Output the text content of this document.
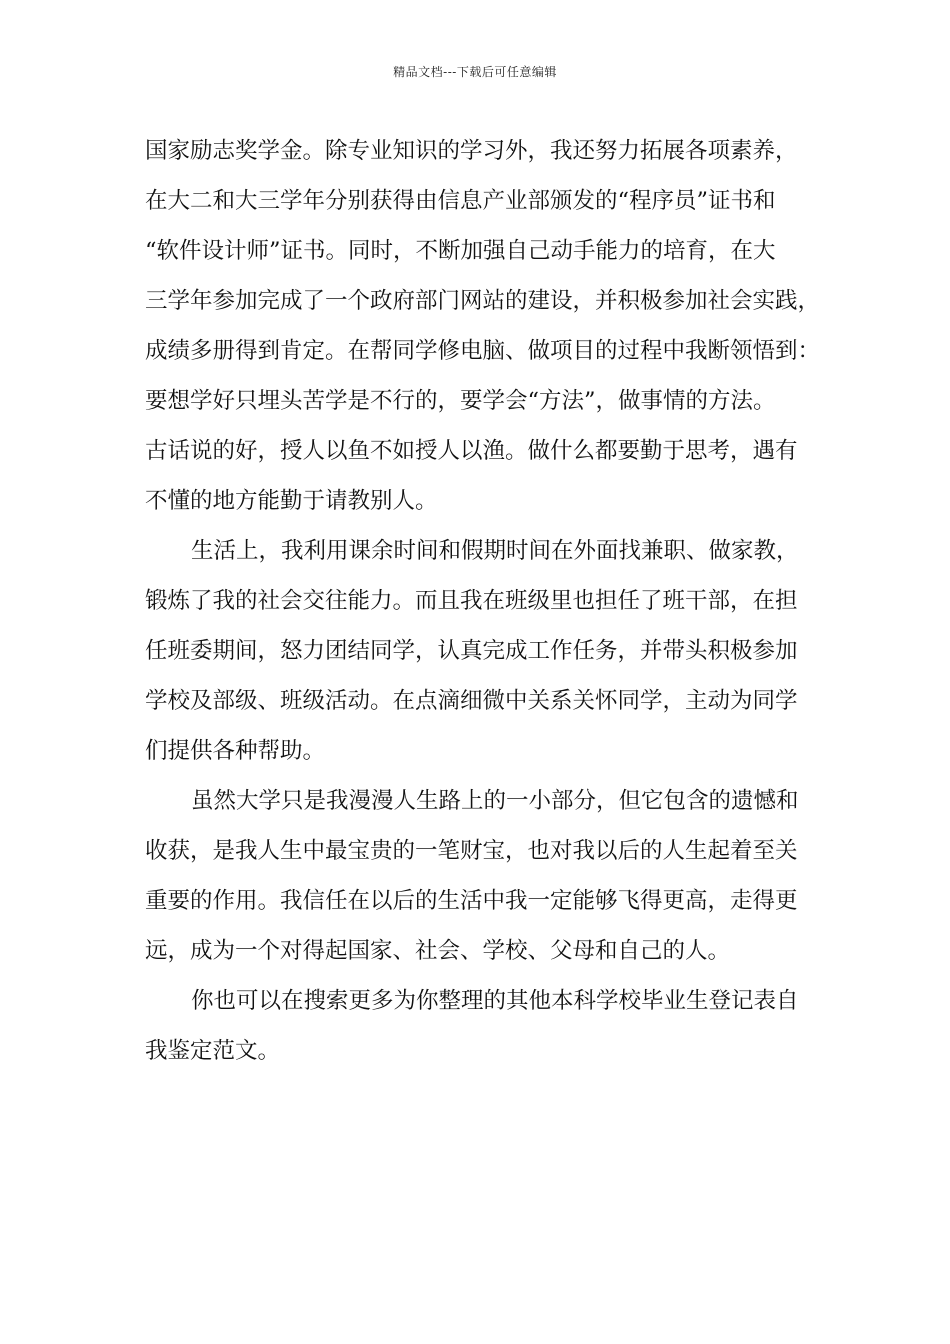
精品文档---下载后可任意编辑
国家励志奖学金。除专业知识的学习外，我还努力拓展各项素养，
在大二和大三学年分别获得由信息产业部颁发的“程序员”证书和
“软件设计师”证书。同时，不断加强自己动手能力的培育，在大
三学年参加完成了一个政府部门网站的建设，并积极参加社会实践，
成绩多册得到肯定。在帮同学修电脑、做项目的过程中我断领悟到：
要想学好只埋头苦学是不行的，要学会“方法”，做事情的方法。
古话说的好，授人以鱼不如授人以渔。做什么都要勤于思考，遇有
不懂的地方能勤于请教别人。
生活上，我利用课余时间和假期时间在外面找兼职、做家教，
锻炼了我的社会交往能力。而且我在班级里也担任了班干部，在担
任班委期间，怒力团结同学，认真完成工作任务，并带头积极参加
学校及部级、班级活动。在点滴细微中关系关怀同学，主动为同学
们提供各种帮助。
虽然大学只是我漫漫人生路上的一小部分，但它包含的遗憾和
收获，是我人生中最宝贵的一笔财宝，也对我以后的人生起着至关
重要的作用。我信任在以后的生活中我一定能够飞得更高，走得更
远，成为一个对得起国家、社会、学校、父母和自己的人。
你也可以在搜索更多为你整理的其他本科学校毕业生登记表自
我鉴定范文。
